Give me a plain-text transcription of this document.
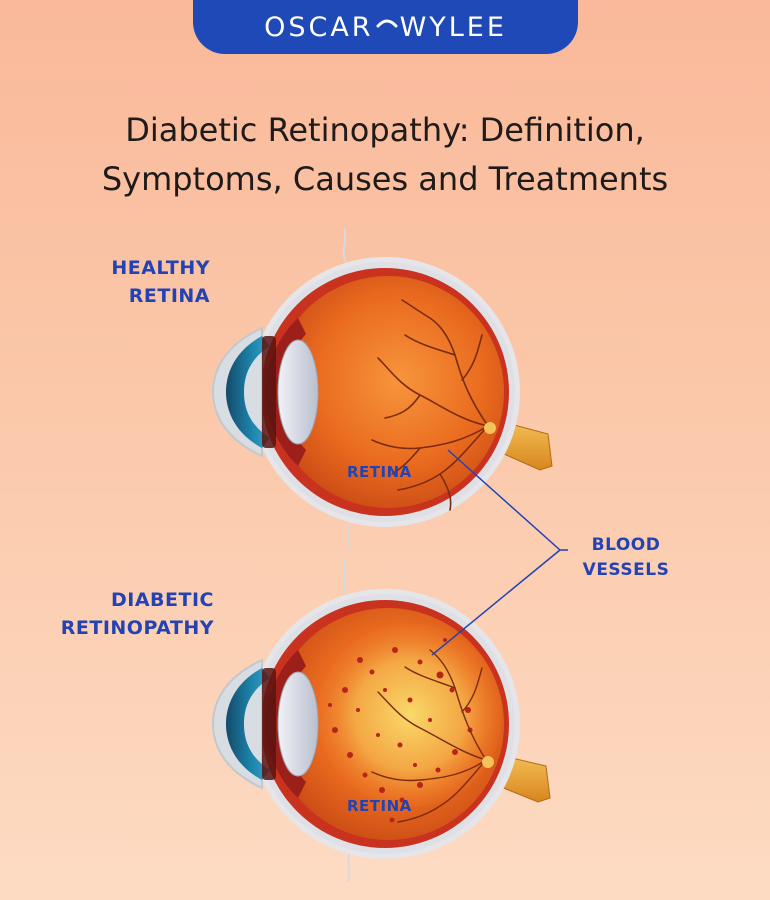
OSCAR WYLEE
Diabetic Retinopathy: Definition,
Symptoms, Causes and Treatments
HEALTHY
RETINA
DIABETIC
RETINOPATHY
BLOOD
VESSELS
RETINA
RETINA
